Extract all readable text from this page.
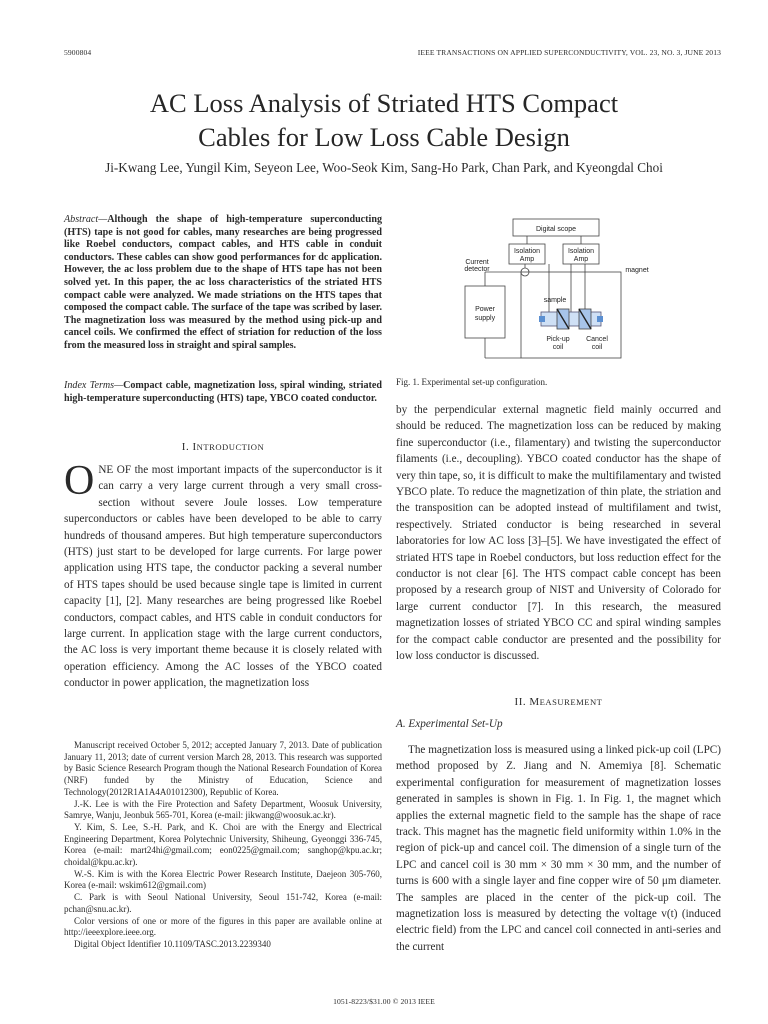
5900804	IEEE TRANSACTIONS ON APPLIED SUPERCONDUCTIVITY, VOL. 23, NO. 3, JUNE 2013
AC Loss Analysis of Striated HTS Compact
Cables for Low Loss Cable Design
Ji-Kwang Lee, Yungil Kim, Seyeon Lee, Woo-Seok Kim, Sang-Ho Park, Chan Park, and Kyeongdal Choi
Abstract—Although the shape of high-temperature superconducting (HTS) tape is not good for cables, many researches are being progressed like Roebel conductors, compact cables, and HTS cable in conduit conductors. These cables can show good performances for dc application. However, the ac loss problem due to the shape of HTS tape has not been solved yet. In this paper, the ac loss characteristics of the striated HTS compact cable were analyzed. We made striations on the HTS tapes that composed the compact cable. The surface of the tape was scribed by laser. The magnetization loss was measured by the method using pick-up and cancel coils. We confirmed the effect of striation for reduction of the loss from the measured loss in straight and spiral samples.
Index Terms—Compact cable, magnetization loss, spiral winding, striated high-temperature superconducting (HTS) tape, YBCO coated conductor.
I. INTRODUCTION
ONE OF the most important impacts of the superconductor is it can carry a very large current through a very small cross-section without severe Joule losses. Low temperature superconductors or cables have been developed to be able to carry hundreds of thousand amperes. But high temperature superconductors (HTS) just start to be developed for large currents. For large power application using HTS tape, the conductor packing a several number of HTS tapes should be used because single tape is limited in current capacity [1], [2]. Many researches are being progressed like Roebel conductors, compact cables, and HTS cable in conduit conductors for large current. In application stage with the large current conductors, the AC loss is very important theme because it is closely related with operation efficiency. Among the AC losses of the YBCO coated conductor in power application, the magnetization loss

Manuscript received October 5, 2012; accepted January 7, 2013. Date of publication January 11, 2013; date of current version March 28, 2013. This research was supported by Basic Science Research Program though the National Research Foundation of Korea (NRF) funded by the Ministry of Education, Science and Technology(2012R1A1A4A01012300), Republic of Korea.

J.-K. Lee is with the Fire Protection and Safety Department, Woosuk University, Samrye, Wanju, Jeonbuk 565-701, Korea (e-mail: jikwang@woosuk.ac.kr).

Y. Kim, S. Lee, S.-H. Park, and K. Choi are with the Energy and Electrical Engineering Department, Korea Polytechnic University, Shiheung, Gyeonggi 336-745, Korea (e-mail: mart24hi@gmail.com; eon0225@gmail.com; sanghop@kpu.ac.kr; choidal@kpu.ac.kr).

W.-S. Kim is with the Korea Electric Power Research Institute, Daejeon 305-760, Korea (e-mail: wskim612@gmail.com)

C. Park is with Seoul National University, Seoul 151-742, Korea (e-mail: pchan@snu.ac.kr).

Color versions of one or more of the figures in this paper are available online at http://ieeexplore.ieee.org.

Digital Object Identifier 10.1109/TASC.2013.2239340

Digital scope
Isolation
Amp
Isolation
Amp
Current
detector	magnet
sample
Power
supply
Pick-up
coil
Cancel
coil
Fig. 1. Experimental set-up configuration.

by the perpendicular external magnetic field mainly occurred and should be reduced. The magnetization loss can be reduced by making fine superconductor (i.e., filamentary) and twisting the superconductor filaments (i.e., decoupling). YBCO coated conductor has the shape of very thin tape, so, it is difficult to make the multifilamentary and twisted YBCO plate. To reduce the magnetization of thin plate, the striation and the transposition can be adopted instead of multifilament and twist, respectively. Striated conductor is being researched in several laboratories for low AC loss [3]–[5]. We have investigated the effect of striated HTS tape in Roebel conductors, but loss reduction effect for the conductor is not clear [6]. The HTS compact cable concept has been proposed by a research group of NIST and University of Colorado for large current conductor [7]. In this research, the measured magnetization losses of striated YBCO CC and spiral winding samples for the compact cable conductor are presented and the possibility for low loss conductor is discussed.

II. MEASUREMENT
A. Experimental Set-Up

The magnetization loss is measured using a linked pick-up coil (LPC) method proposed by Z. Jiang and N. Amemiya [8]. Schematic experimental configuration for measurement of magnetization losses generated in samples is shown in Fig. 1. In Fig. 1, the magnet which applies the external magnetic field to the sample has the shape of race track. This magnet has the magnetic field uniformity within 1.0% in the region of pick-up and cancel coil. The dimension of a single turn of the LPC and cancel coil is 30 mm × 30 mm × 30 mm, and the number of turns is 600 with a single layer and fine copper wire of 50 μm diameter. The samples are placed in the center of the pick-up coil. The magnetization loss is measured by detecting the voltage v(t) (induced electric field) from the LPC and cancel coil connected in anti-series and the current

1051-8223/$31.00 © 2013 IEEE
